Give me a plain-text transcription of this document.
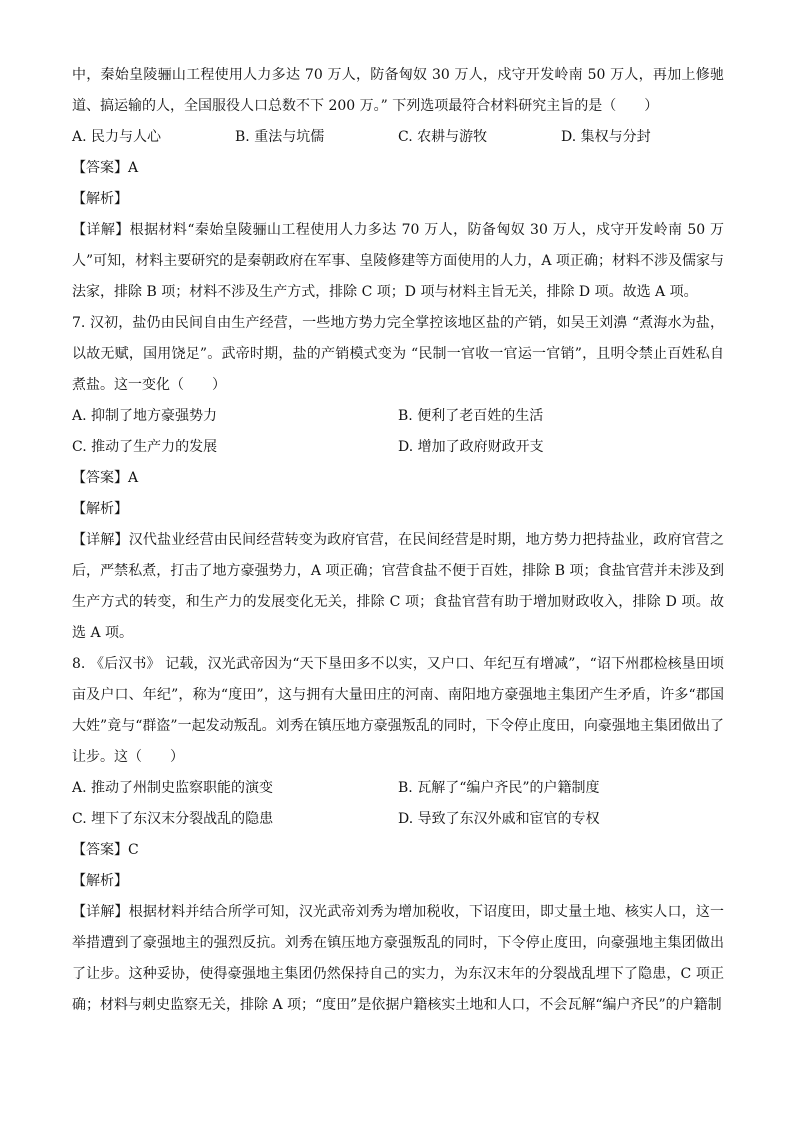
中，秦始皇陵骊山工程使用人力多达 70 万人，防备匈奴 30 万人，戍守开发岭南 50 万人，再加上修驰道、搞运输的人，全国服役人口总数不下 200 万。” 下列选项最符合材料研究主旨的是（　　）

A. 民力与人心	B. 重法与坑儒	C. 农耕与游牧	D. 集权与分封
【答案】A
【解析】

【详解】根据材料“秦始皇陵骊山工程使用人力多达 70 万人，防备匈奴 30 万人，戍守开发岭南 50 万人”可知，材料主要研究的是秦朝政府在军事、皇陵修建等方面使用的人力，A 项正确；材料不涉及儒家与法家，排除 B 项；材料不涉及生产方式，排除 C 项；D 项与材料主旨无关，排除 D 项。故选 A 项。

7. 汉初，盐仍由民间自由生产经营，一些地方势力完全掌控该地区盐的产销，如吴王刘濞 “煮海水为盐，以故无赋，国用饶足”。武帝时期，盐的产销模式变为 “民制一官收一官运一官销”，且明令禁止百姓私自煮盐。这一变化（　　）

A. 抑制了地方豪强势力	B. 便利了老百姓的生活
C. 推动了生产力的发展	D. 增加了政府财政开支
【答案】A
【解析】

【详解】汉代盐业经营由民间经营转变为政府官营，在民间经营是时期，地方势力把持盐业，政府官营之后，严禁私煮，打击了地方豪强势力，A 项正确；官营食盐不便于百姓，排除 B 项；食盐官营并未涉及到生产方式的转变，和生产力的发展变化无关，排除 C 项；食盐官营有助于增加财政收入，排除 D 项。故选 A 项。

8. 《后汉书》 记载，汉光武帝因为“天下垦田多不以实，又户口、年纪互有增减”，“诏下州郡检核垦田顷亩及户口、年纪”，称为“度田”，这与拥有大量田庄的河南、南阳地方豪强地主集团产生矛盾，许多“郡国大姓”竟与“群盗”一起发动叛乱。刘秀在镇压地方豪强叛乱的同时，下令停止度田，向豪强地主集团做出了让步。这（　　）

A. 推动了州制史监察职能的演变	B. 瓦解了“编户齐民”的户籍制度
C. 埋下了东汉末分裂战乱的隐患	D. 导致了东汉外戚和宦官的专权
【答案】C
【解析】

【详解】根据材料并结合所学可知，汉光武帝刘秀为增加税收，下诏度田，即丈量土地、核实人口，这一举措遭到了豪强地主的强烈反抗。刘秀在镇压地方豪强叛乱的同时，下令停止度田，向豪强地主集团做出了让步。这种妥协，使得豪强地主集团仍然保持自己的实力，为东汉末年的分裂战乱埋下了隐患，C 项正确；材料与刺史监察无关，排除 A 项；“度田”是依据户籍核实土地和人口，不会瓦解“编户齐民”的户籍制
